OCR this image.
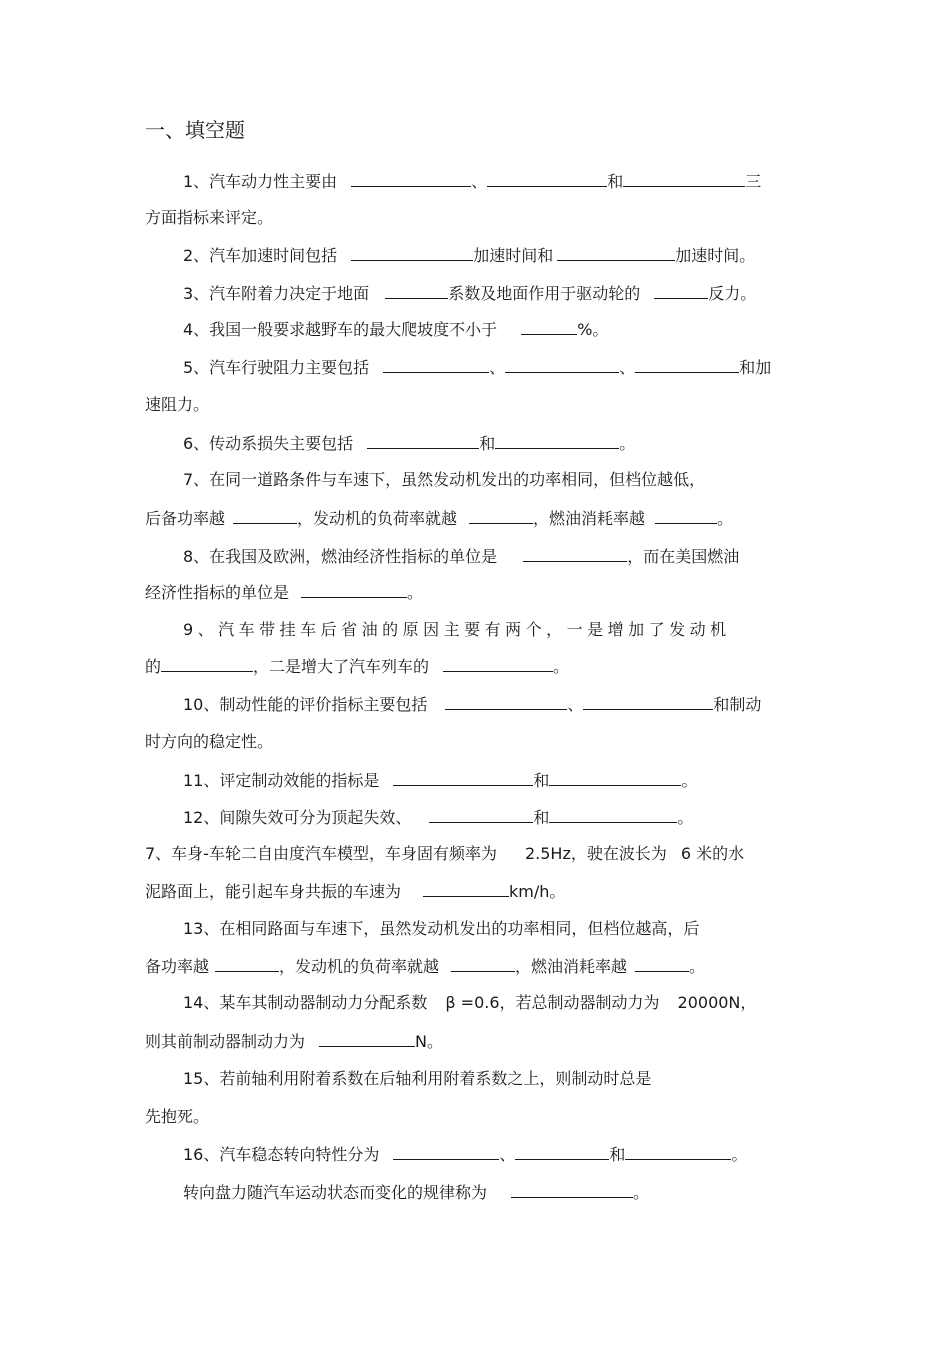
一、填空题
1、汽车动力性主要由	、	和	三
方面指标来评定。
2、汽车加速时间包括	加速时间和	加速时间。
3、汽车附着力决定于地面	系数及地面作用于驱动轮的	反力。
4、我国一般要求越野车的最大爬坡度不小于	%。
5、汽车行驶阻力主要包括	、	、	和加
速阻力。
6、传动系损失主要包括	和	。
7、在同一道路条件与车速下，虽然发动机发出的功率相同，但档位越低，
后备功率越	，发动机的负荷率就越	，燃油消耗率越	。
8、在我国及欧洲，燃油经济性指标的单位是	，而在美国燃油
经济性指标的单位是	。
9、汽车带挂车后省油的原因主要有两个，一是增加了发动机
的	，二是增大了汽车列车的	。
10、制动性能的评价指标主要包括	、	和制动
时方向的稳定性。
11、评定制动效能的指标是	和	。
12、间隙失效可分为顶起失效、	和	。
7、车身-车轮二自由度汽车模型，车身固有频率为 2.5Hz，驶在波长为 6 米的水
泥路面上，能引起车身共振的车速为	km/h。
13、在相同路面与车速下，虽然发动机发出的功率相同，但档位越高，后
备功率越	，发动机的负荷率就越	，燃油消耗率越	。
14、某车其制动器制动力分配系数 β =0.6，若总制动器制动力为 20000N，
则其前制动器制动力为	N。
15、若前轴利用附着系数在后轴利用附着系数之上，则制动时总是
先抱死。
16、汽车稳态转向特性分为	、	和	。
转向盘力随汽车运动状态而变化的规律称为	。
